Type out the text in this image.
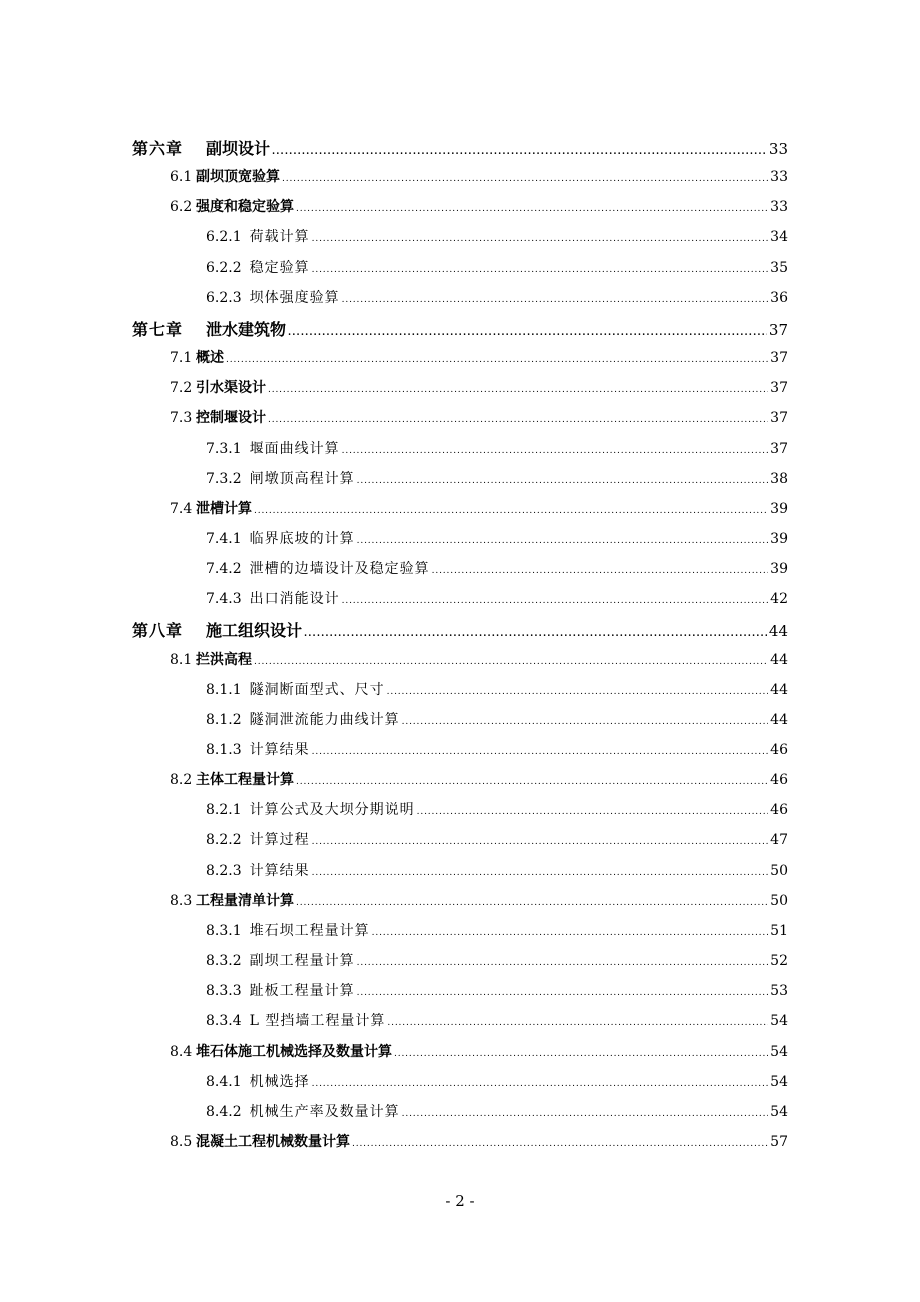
第六章	副坝设计 . . .	33
6.1 副坝顶宽验算 . . .	33
6.2 强度和稳定验算 . . .	33
6.2.1 荷载计算 . . .	34
6.2.2 稳定验算 . . .	35
6.2.3 坝体强度验算 . . .	36
第七章	泄水建筑物 . . .	37
7.1 概述 . . .	37
7.2 引水渠设计 . . .	37
7.3 控制堰设计 . . .	37
7.3.1 堰面曲线计算 . . .	37
7.3.2 闸墩顶高程计算 . . .	38
7.4 泄槽计算 . . .	39
7.4.1 临界底坡的计算 . . .	39
7.4.2 泄槽的边墙设计及稳定验算 . . .	39
7.4.3 出口消能设计 . . .	42
第八章	施工组织设计 . . .	44
8.1 拦洪高程 . . .	44
8.1.1 隧洞断面型式、尺寸 . . .	44
8.1.2 隧洞泄流能力曲线计算 . . .	44
8.1.3 计算结果 . . .	46
8.2 主体工程量计算 . . .	46
8.2.1 计算公式及大坝分期说明 . . .	46
8.2.2 计算过程 . . .	47
8.2.3 计算结果 . . .	50
8.3 工程量清单计算 . . .	50
8.3.1 堆石坝工程量计算 . . .	51
8.3.2 副坝工程量计算 . . .	52
8.3.3 趾板工程量计算 . . .	53
8.3.4 L 型挡墙工程量计算 . . .	54
8.4 堆石体施工机械选择及数量计算 . . .	54
8.4.1 机械选择 . . .	54
8.4.2 机械生产率及数量计算 . . .	54
8.5 混凝土工程机械数量计算 . . .	57
- 2 -
